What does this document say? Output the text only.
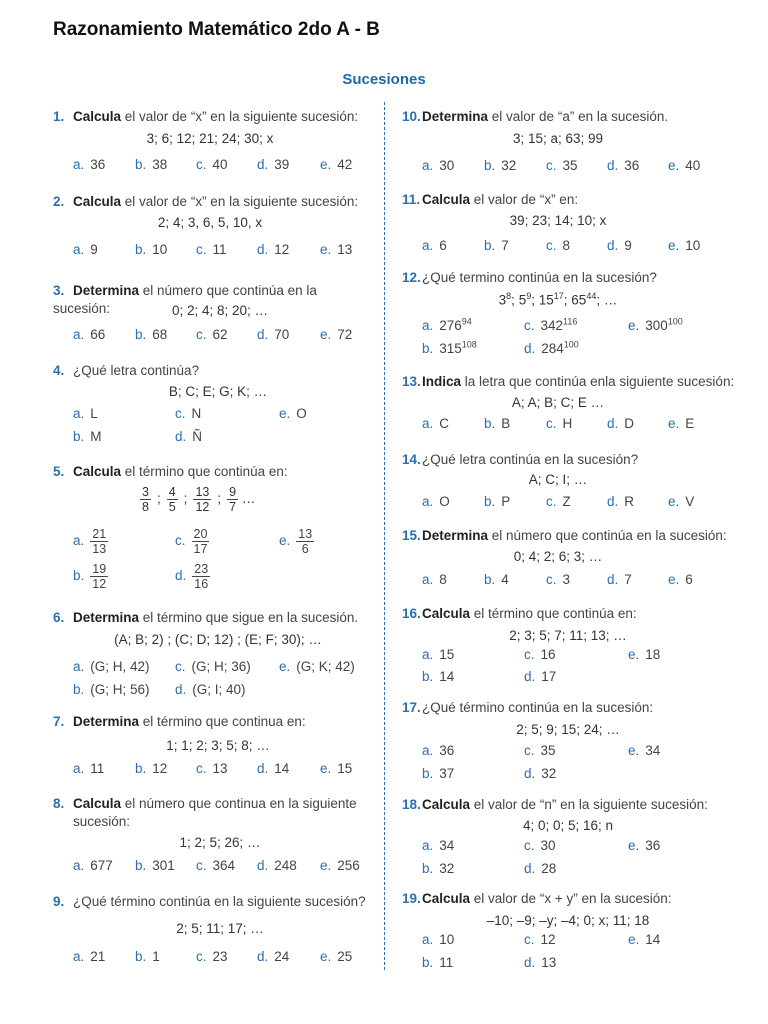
Razonamiento Matemático 2do A - B
Sucesiones
1. Calcula el valor de “x” en la siguiente sucesión:
3; 6; 12; 21; 24; 30; x
a. 36 b. 38 c. 40 d. 39 e. 42
2. Calcula el valor de “x” en la siguiente sucesión:
2; 4; 3, 6, 5, 10, x
a. 9	b. 10 c. 11 d. 12 e. 13
3. Determina el número que continúa en la sucesión:	0; 2; 4; 8; 20; …
a. 66 b. 68 c. 62 d. 70 e. 72
4. ¿Qué letra continúa?
B; C; E; G; K; …
a. L	c. N	e. O
b. M	d. Ñ
5. Calcula el término que continúa en:
$\frac{3}{8}$ ; $\frac{4}{5}$ ; $\frac{13}{12}$ ; $\frac{9}{7}$ …
a. $\frac{21}{13}$	c. $\frac{20}{17}$	e. $\frac{13}{6}$
b. $\frac{19}{12}$	d. $\frac{23}{16}$
6. Determina el término que sigue en la sucesión.
(A; B; 2) ; (C; D; 12) ; (E; F; 30); …
a. (G; H, 42) c. (G; H; 36) e. (G; K; 42)
b. (G; H; 56) d. (G; I; 40)
7. Determina el término que continua en:
1; 1; 2; 3; 5; 8; …
a. 11 b. 12 c. 13 d. 14 e. 15
8. Calcula el número que continua en la siguiente
sucesión:
1; 2; 5; 26; …
a. 677 b. 301 c. 364 d. 248 e. 256
9. ¿Qué término continúa en la siguiente sucesión?
2; 5; 11; 17; …
a. 21 b. 1	c. 23 d. 24 e. 25
10.Determina el valor de “a” en la sucesión.
3; 15; a; 63; 99
a. 30 b. 32 c. 35 d. 36 e. 40
11. Calcula el valor de “x” en:
39; 23; 14; 10; x
a. 6	b. 7	c. 8	d. 9	e. 10
12.¿Qué termino continúa en la sucesión?
$3^8$; $5^9$; $15^{17}$; $65^{44}$; …
a. $276^{94}$	c. $342^{116}$	e. $300^{100}$
b. $315^{108}$	d. $284^{100}$
13.Indica la letra que continúa enla siguiente sucesión:
A; A; B; C; E …
a. C	b. B	c. H	d. D	e. E
14.¿Qué letra continúa en la sucesión?
A; C; I; …
a. O	b. P	c. Z	d. R	e. V
15.Determina el número que continúa en la sucesión:
0; 4; 2; 6; 3; …
a. 8	b. 4	c. 3	d. 7	e. 6
16.Calcula el término que continúa en:
2; 3; 5; 7; 11; 13; …
a. 15	c. 16	e. 18
b. 14	d. 17
17.¿Qué término continúa en la sucesión:
2; 5; 9; 15; 24; …
a. 36	c. 35	e. 34
b. 37	d. 32
18.Calcula el valor de “n” en la siguiente sucesión:
4; 0; 0; 5; 16; n
a. 34	c. 30	e. 36
b. 32	d. 28
19.Calcula el valor de “x + y” en la sucesión:
–10; –9; –y; –4; 0; x; 11; 18
a. 10	c. 12	e. 14
b. 11	d. 13
